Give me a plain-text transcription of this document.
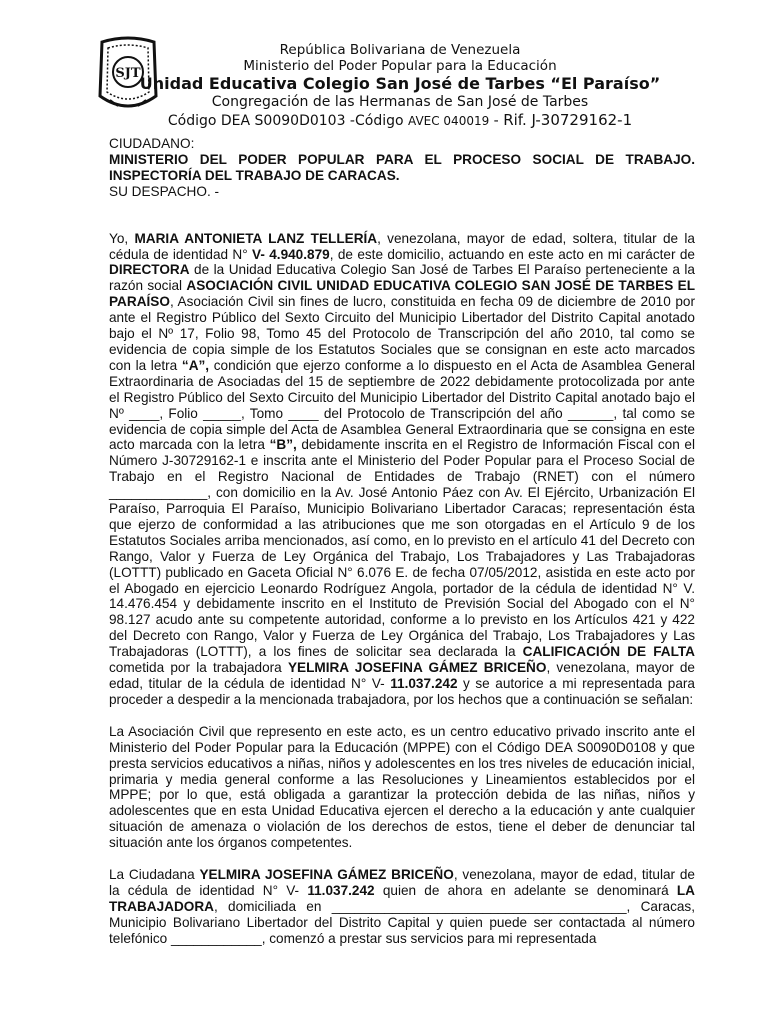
SJT
República Bolivariana de Venezuela
Ministerio del Poder Popular para la Educación
Unidad Educativa Colegio San José de Tarbes “El Paraíso”
Congregación de las Hermanas de San José de Tarbes
Código DEA S0090D0103 -Código AVEC 040019 - Rif. J-30729162-1

CIUDADANO:

MINISTERIO DEL PODER POPULAR PARA EL PROCESO SOCIAL DE TRABAJO. INSPECTORÍA DEL TRABAJO DE CARACAS.

SU DESPACHO. -

Yo, MARIA ANTONIETA LANZ TELLERÍA, venezolana, mayor de edad, soltera, titular de la cédula de identidad N° V- 4.940.879, de este domicilio, actuando en este acto en mi carácter de DIRECTORA de la Unidad Educativa Colegio San José de Tarbes El Paraíso perteneciente a la razón social ASOCIACIÓN CIVIL UNIDAD EDUCATIVA COLEGIO SAN JOSÉ DE TARBES EL PARAÍSO, Asociación Civil sin fines de lucro, constituida en fecha 09 de diciembre de 2010 por ante el Registro Público del Sexto Circuito del Municipio Libertador del Distrito Capital anotado bajo el Nº 17, Folio 98, Tomo 45 del Protocolo de Transcripción del año 2010, tal como se evidencia de copia simple de los Estatutos Sociales que se consignan en este acto marcados con la letra “A”, condición que ejerzo conforme a lo dispuesto en el Acta de Asamblea General Extraordinaria de Asociadas del 15 de septiembre de 2022 debidamente protocolizada por ante el Registro Público del Sexto Circuito del Municipio Libertador del Distrito Capital anotado bajo el Nº ____, Folio _____, Tomo ____ del Protocolo de Transcripción del año ______, tal como se evidencia de copia simple del Acta de Asamblea General Extraordinaria que se consigna en este acto marcada con la letra “B”, debidamente inscrita en el Registro de Información Fiscal con el Número J-30729162-1 e inscrita ante el Ministerio del Poder Popular para el Proceso Social de Trabajo en el Registro Nacional de Entidades de Trabajo (RNET) con el número _____________, con domicilio en la Av. José Antonio Páez con Av. El Ejército, Urbanización El Paraíso, Parroquia El Paraíso, Municipio Bolivariano Libertador Caracas; representación ésta que ejerzo de conformidad a las atribuciones que me son otorgadas en el Artículo 9 de los Estatutos Sociales arriba mencionados, así como, en lo previsto en el artículo 41 del Decreto con Rango, Valor y Fuerza de Ley Orgánica del Trabajo, Los Trabajadores y Las Trabajadoras (LOTTT) publicado en Gaceta Oficial N° 6.076 E. de fecha 07/05/2012, asistida en este acto por el Abogado en ejercicio Leonardo Rodríguez Angola, portador de la cédula de identidad N° V. 14.476.454 y debidamente inscrito en el Instituto de Previsión Social del Abogado con el N° 98.127 acudo ante su competente autoridad, conforme a lo previsto en los Artículos 421 y 422 del Decreto con Rango, Valor y Fuerza de Ley Orgánica del Trabajo, Los Trabajadores y Las Trabajadoras (LOTTT), a los fines de solicitar sea declarada la CALIFICACIÓN DE FALTA cometida por la trabajadora YELMIRA JOSEFINA GÁMEZ BRICEÑO, venezolana, mayor de edad, titular de la cédula de identidad N° V- 11.037.242 y se autorice a mi representada para proceder a despedir a la mencionada trabajadora, por los hechos que a continuación se señalan:

La Asociación Civil que represento en este acto, es un centro educativo privado inscrito ante el Ministerio del Poder Popular para la Educación (MPPE) con el Código DEA S0090D0108 y que presta servicios educativos a niñas, niños y adolescentes en los tres niveles de educación inicial, primaria y media general conforme a las Resoluciones y Lineamientos establecidos por el MPPE; por lo que, está obligada a garantizar la protección debida de las niñas, niños y adolescentes que en esta Unidad Educativa ejercen el derecho a la educación y ante cualquier situación de amenaza o violación de los derechos de estos, tiene el deber de denunciar tal situación ante los órganos competentes.

La Ciudadana YELMIRA JOSEFINA GÁMEZ BRICEÑO, venezolana, mayor de edad, titular de la cédula de identidad N° V- 11.037.242 quien de ahora en adelante se denominará LA TRABAJADORA, domiciliada en _______________________________________, Caracas, Municipio Bolivariano Libertador del Distrito Capital y quien puede ser contactada al número telefónico ____________, comenzó a prestar sus servicios para mi representada
